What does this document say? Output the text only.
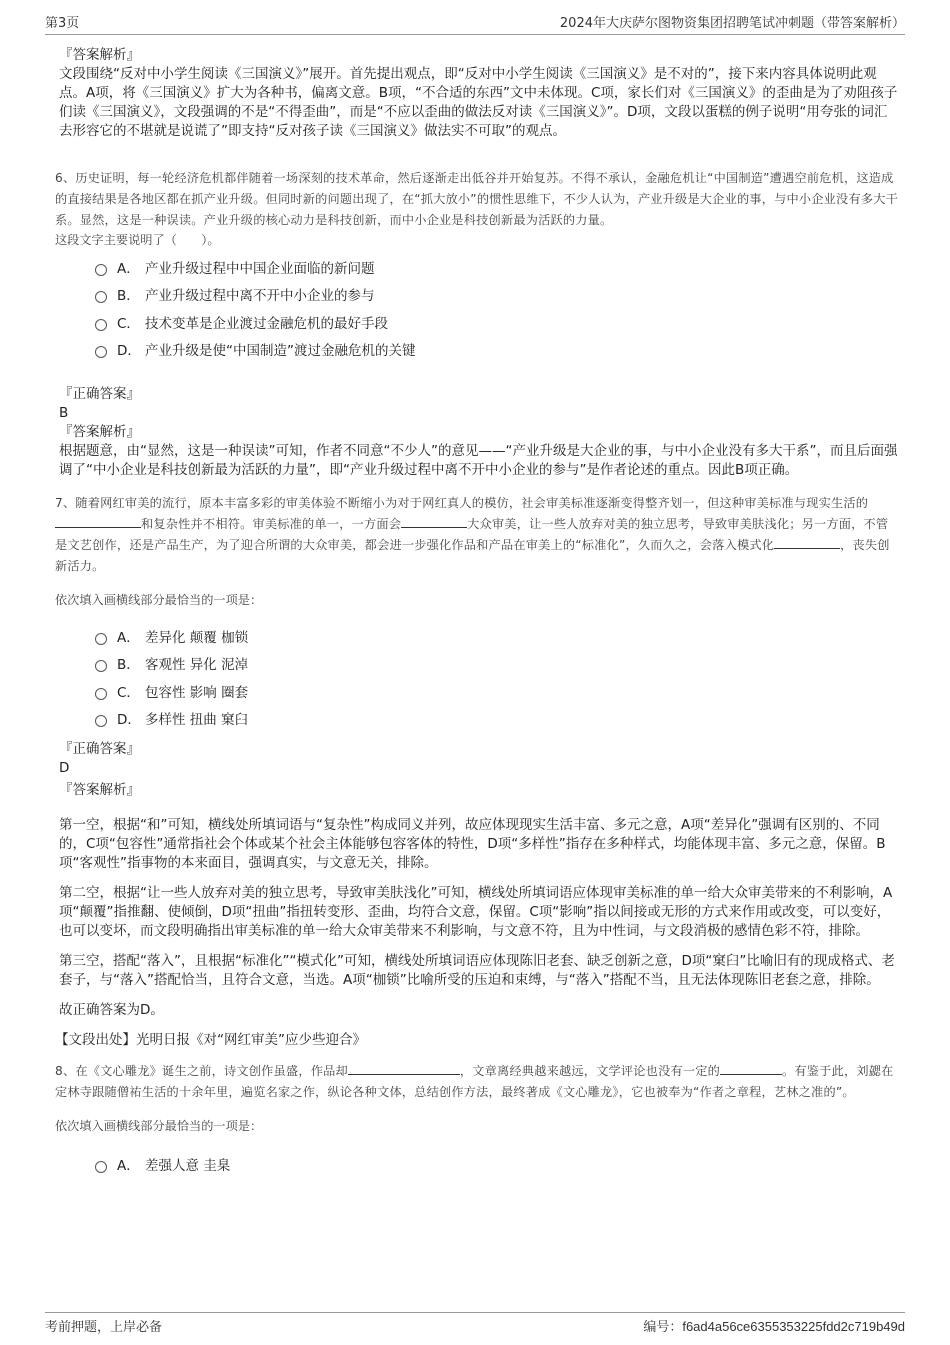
第3页	2024年大庆萨尔图物资集团招聘笔试冲刺题（带答案解析）

『答案解析』

文段围绕“反对中小学生阅读《三国演义》”展开。首先提出观点，即“反对中小学生阅读《三国演义》是不对的”，接下来内容具体说明此观点。A项，将《三国演义》扩大为各种书，偏离文意。B项，“不合适的东西”文中未体现。C项，家长们对《三国演义》的歪曲是为了劝阻孩子们读《三国演义》，文段强调的不是“不得歪曲”，而是“不应以歪曲的做法反对读《三国演义》”。D项，文段以蛋糕的例子说明“用夸张的词汇去形容它的不堪就是说谎了”即支持“反对孩子读《三国演义》做法实不可取”的观点。

6、历史证明，每一轮经济危机都伴随着一场深刻的技术革命，然后逐渐走出低谷并开始复苏。不得不承认，金融危机让“中国制造”遭遇空前危机，这造成的直接结果是各地区都在抓产业升级。但同时新的问题出现了，在“抓大放小”的惯性思维下，不少人认为，产业升级是大企业的事，与中小企业没有多大干系。显然，这是一种误读。产业升级的核心动力是科技创新，而中小企业是科技创新最为活跃的力量。

这段文字主要说明了（　　）。

A． 产业升级过程中中国企业面临的新问题
B． 产业升级过程中离不开中小企业的参与
C． 技术变革是企业渡过金融危机的最好手段
D． 产业升级是使“中国制造”渡过金融危机的关键

『正确答案』

B

『答案解析』

根据题意，由“显然，这是一种误读”可知，作者不同意“不少人”的意见——“产业升级是大企业的事，与中小企业没有多大干系”，而且后面强调了“中小企业是科技创新最为活跃的力量”，即“产业升级过程中离不开中小企业的参与”是作者论述的重点。因此B项正确。

7、随着网红审美的流行，原本丰富多彩的审美体验不断缩小为对于网红真人的模仿，社会审美标准逐渐变得整齐划一，但这种审美标准与现实生活的和复杂性并不相符。审美标准的单一，一方面会	大众审美，让一些人放弃对美的独立思考，导致审美肤浅化；另一方面，不管是文艺创作，还是产品生产，为了迎合所谓的大众审美，都会进一步强化作品和产品在审美上的“标准化”，久而久之，会落入模式化	，丧失创新活力。

依次填入画横线部分最恰当的一项是：

A． 差异化 颠覆 枷锁
B． 客观性 异化 泥淖
C． 包容性 影响 圈套
D． 多样性 扭曲 窠臼

『正确答案』

D

『答案解析』

第一空，根据“和”可知，横线处所填词语与“复杂性”构成同义并列，故应体现现实生活丰富、多元之意，A项“差异化”强调有区别的、不同的，C项“包容性”通常指社会个体或某个社会主体能够包容客体的特性，D项“多样性”指存在多种样式，均能体现丰富、多元之意，保留。B项“客观性”指事物的本来面目，强调真实，与文意无关，排除。

第二空，根据“让一些人放弃对美的独立思考，导致审美肤浅化”可知，横线处所填词语应体现审美标准的单一给大众审美带来的不利影响，A项“颠覆”指推翻、使倾倒，D项“扭曲”指扭转变形、歪曲，均符合文意，保留。C项“影响”指以间接或无形的方式来作用或改变，可以变好，也可以变坏，而文段明确指出审美标准的单一给大众审美带来不利影响，与文意不符，且为中性词，与文段消极的感情色彩不符，排除。

第三空，搭配“落入”，且根据“标准化”“模式化”可知，横线处所填词语应体现陈旧老套、缺乏创新之意，D项“窠臼”比喻旧有的现成格式、老套子，与“落入”搭配恰当，且符合文意，当选。A项“枷锁”比喻所受的压迫和束缚，与“落入”搭配不当，且无法体现陈旧老套之意，排除。

故正确答案为D。

【文段出处】光明日报《对“网红审美”应少些迎合》

8、在《文心雕龙》诞生之前，诗文创作虽盛，作品却	，文章离经典越来越远，文学评论也没有一定的	。有鉴于此，刘勰在定林寺跟随僧祐生活的十余年里，遍览名家之作，纵论各种文体，总结创作方法，最终著成《文心雕龙》，它也被奉为“作者之章程，艺林之准的”。

依次填入画横线部分最恰当的一项是：

A． 差强人意 圭臬
考前押题，上岸必备	编号：f6ad4a56ce6355353225fdd2c719b49d
